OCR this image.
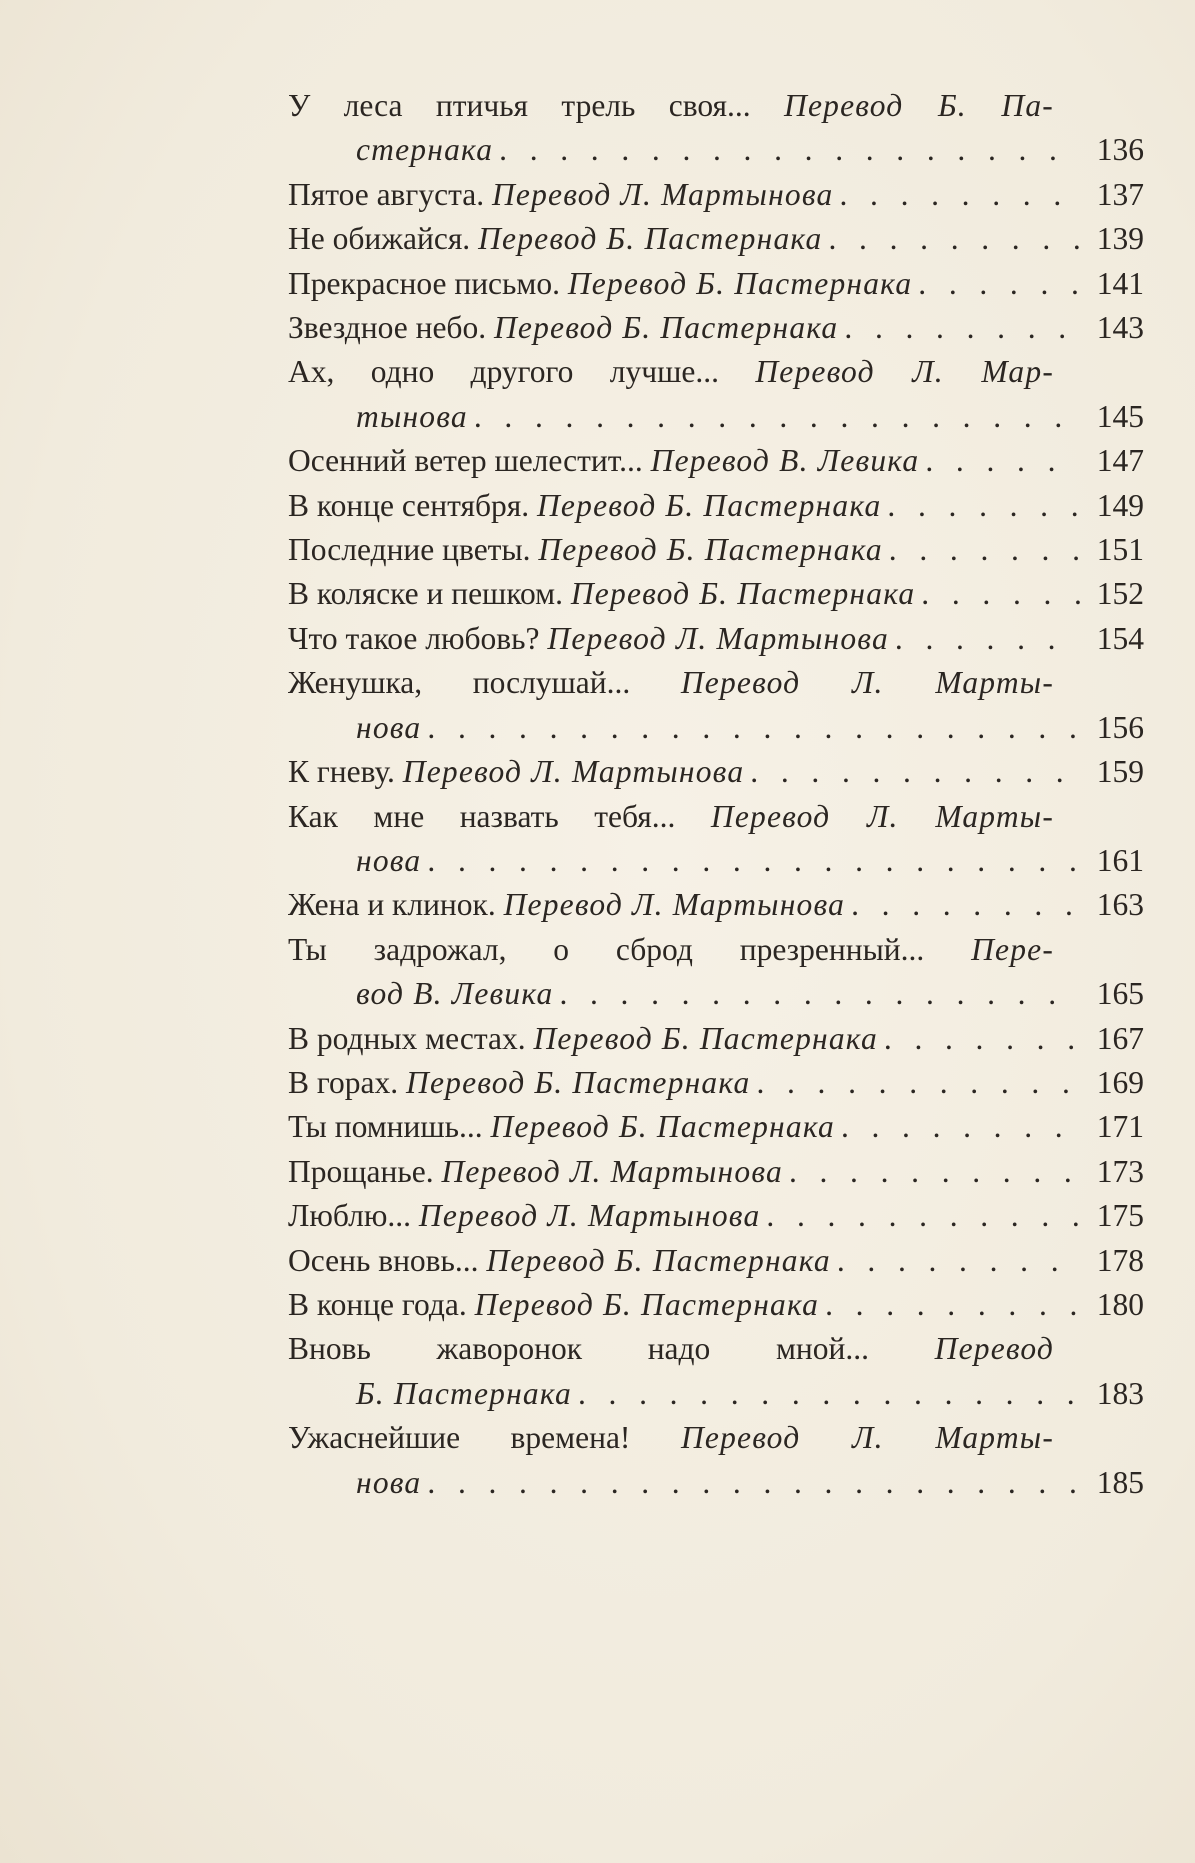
У леса птичья трель своя... Перевод Б. Па-
стернака . . .	136
Пятое августа. Перевод Л. Мартынова . . .	137
Не обижайся. Перевод Б. Пастернака . . .	139
Прекрасное письмо. Перевод Б. Пастернака . . .	141
Звездное небо. Перевод Б. Пастернака . . .	143
Ах, одно другого лучше... Перевод Л. Мар-
тынова . . .	145
Осенний ветер шелестит... Перевод В. Левика . . .	147
В конце сентября. Перевод Б. Пастернака . . .	149
Последние цветы. Перевод Б. Пастернака . . .	151
В коляске и пешком. Перевод Б. Пастернака . . .	152
Что такое любовь? Перевод Л. Мартынова . . .	154
Женушка, послушай... Перевод Л. Марты-
нова . . .	156
К гневу. Перевод Л. Мартынова . . .	159
Как мне назвать тебя... Перевод Л. Марты-
нова . . .	161
Жена и клинок. Перевод Л. Мартынова . . .	163
Ты задрожал, о сброд презренный... Пере-
вод В. Левика . . .	165
В родных местах. Перевод Б. Пастернака . . .	167
В горах. Перевод Б. Пастернака . . .	169
Ты помнишь... Перевод Б. Пастернака . . .	171
Прощанье. Перевод Л. Мартынова . . .	173
Люблю... Перевод Л. Мартынова . . .	175
Осень вновь... Перевод Б. Пастернака . . .	178
В конце года. Перевод Б. Пастернака . . .	180
Вновь жаворонок надо мной... Перевод
Б. Пастернака . . .	183
Ужаснейшие времена! Перевод Л. Марты-
нова . . .	185
